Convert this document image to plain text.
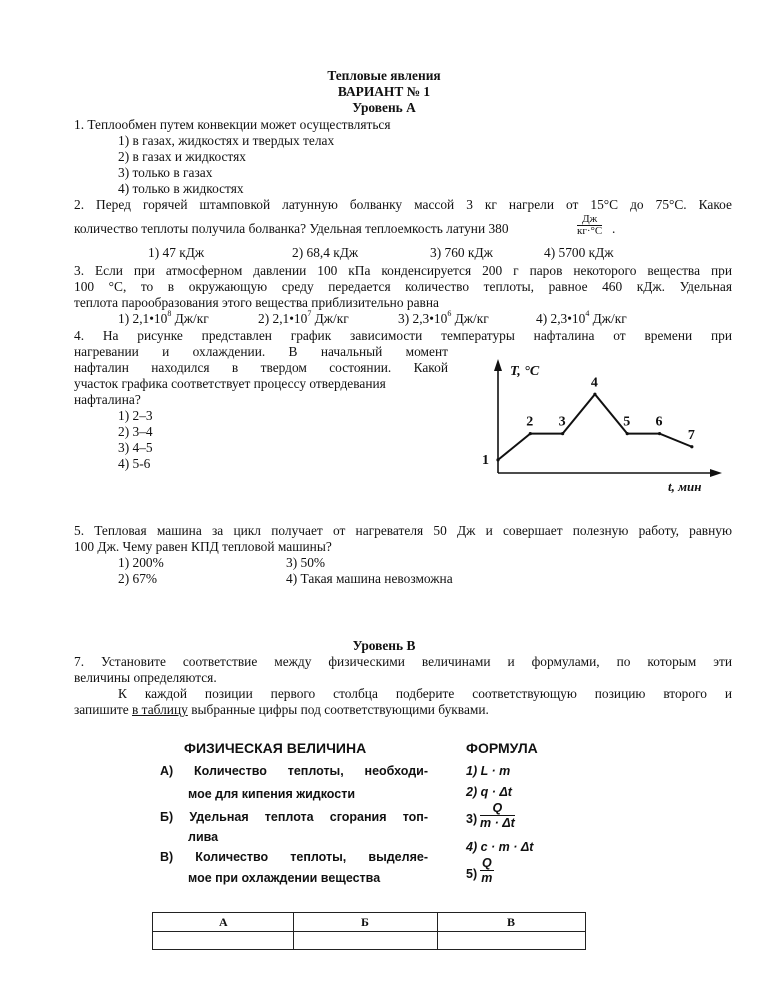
Тепловые явления
ВАРИАНТ № 1
Уровень А
1. Теплообмен путем конвекции может осуществляться
1) в газах, жидкостях и твердых телах
2) в газах и жидкостях
3) только в газах
4) только в жидкостях
2. Перед горячей штамповкой латунную болванку массой 3 кг нагрели от 15°С до 75°С. Какое
количество теплоты получила болванка? Удельная теплоемкость латуни 380
Дж
кг·°С .
1) 47 кДж	2) 68,4 кДж	3) 760 кДж	4) 5700 кДж
3. Если при атмосферном давлении 100 кПа конденсируется 200 г паров некоторого вещества при
100 °С, то в окружающую среду передается количество теплоты, равное 460 кДж. Удельная
теплота парообразования этого вещества приблизительно равна
1) $2,1•10^8$ Дж/кг	2) $2,1•10^7$ Дж/кг	3) $2,3•10^6$ Дж/кг	4) $2,3•10^4$ Дж/кг
4. На рисунке представлен график зависимости температуры нафталина от времени при
нагревании и охлаждении. В начальный момент
нафталин находился в твердом состоянии. Какой
участок графика соответствует процессу отвердевания
нафталина?
1) 2–3
2) 3–4
3) 4–5
4) 5-6
T, °С
t, мин
1
2 3
4
5 6
7
5. Тепловая машина за цикл получает от нагревателя 50 Дж и совершает полезную работу, равную
100 Дж. Чему равен КПД тепловой машины?
1) 200%	3) 50%
2) 67%	4) Такая машина невозможна
Уровень В
7. Установите соответствие между физическими величинами и формулами, по которым эти
величины определяются.
К каждой позиции первого столбца подберите соответствующую позицию второго и
запишите в таблицу выбранные цифры под соответствующими буквами.
ФИЗИЧЕСКАЯ ВЕЛИЧИНА	ФОРМУЛА
А) Количество теплоты, необходи-
мое для кипения жидкости
Б) Удельная теплота сгорания топ-
лива
В) Количество теплоты, выделяе-
мое при охлаждении вещества
1) L · m
2) q · Δt
$3) \frac{Q}{m \cdot \Delta t}$
4) c · m · Δt
$5) \frac{Q}{m}$
А	Б	В
